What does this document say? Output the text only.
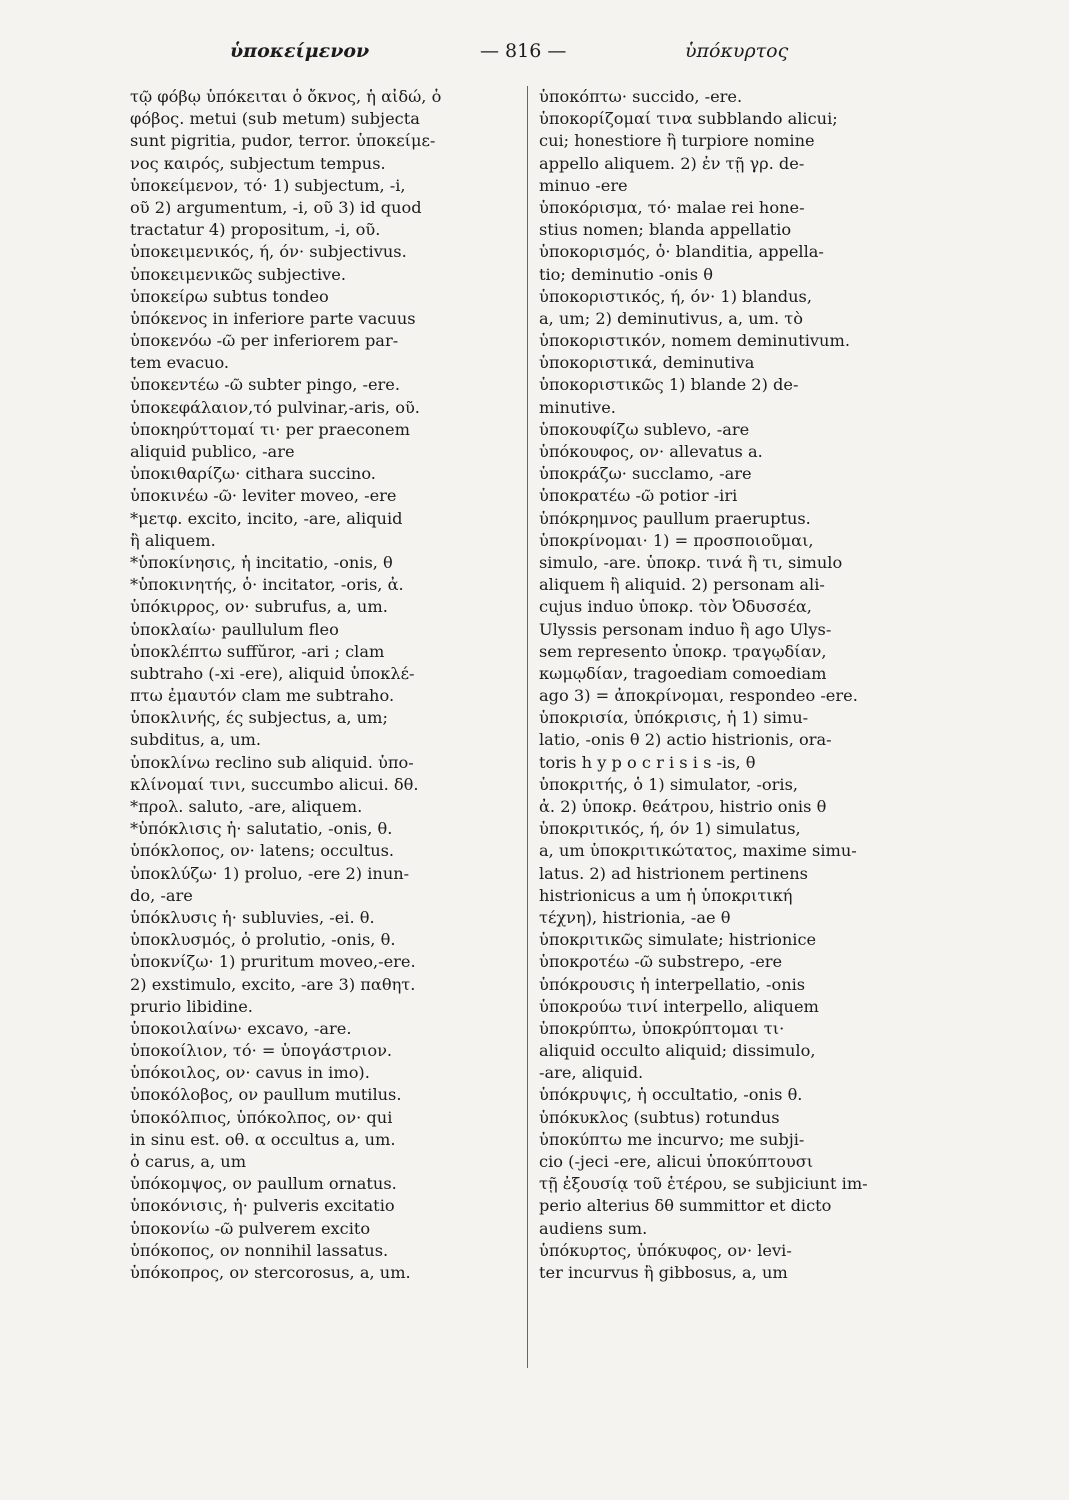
ὑποκείμενον	— 816 —	ὑπόκυρτος
τῷ φόβῳ ὑπόκειται ὁ ὄκνος, ἡ αἰδώ, ὁ
φόβος. metui (sub metum) subjecta
sunt pigritia, pudor, terror. ὑποκείμε-
νος καιρός, subjectum tempus.
ὑποκείμενον, τό· 1) subjectum, -i,
οῦ 2) argumentum, -i, οῦ 3) id quod
tractatur 4) propositum, -i, οῦ.
ὑποκειμενικός, ή, όν· subjectivus.
ὑποκειμενικῶς subjective.
ὑποκείρω subtus tondeo
ὑπόκενος in inferiore parte vacuus
ὑποκενόω -ῶ per inferiorem par-
tem evacuo.
ὑποκεντέω -ῶ subter pingo, -ere.
ὑποκεφάλαιον,τό pulvinar,-aris, οῦ.
ὑποκηρύττομαί τι· per praeconem
aliquid publico, -are
ὑποκιθαρίζω· cithara succino.
ὑποκινέω -ῶ· leviter moveo, -ere
*μετφ. excito, incito, -are, aliquid
ἢ aliquem.
*ὑποκίνησις, ἡ incitatio, -onis, θ
*ὑποκινητής, ὁ· incitator, -oris, ἀ.
ὑπόκιρρος, ον· subrufus, a, um.
ὑποκλαίω· paullulum fleo
ὑποκλέπτω suffŭror, -ari ; clam
subtraho (-xi -ere), aliquid ὑποκλέ-
πτω ἐμαυτόν clam me subtraho.
ὑποκλινής, ές subjectus, a, um;
subditus, a, um.
ὑποκλίνω reclino sub aliquid. ὑπο-
κλίνομαί τινι, succumbo alicui. δθ.
*προλ. saluto, -are, aliquem.
*ὑπόκλισις ἡ· salutatio, -onis, θ.
ὑπόκλοπος, ον· latens; occultus.
ὑποκλύζω· 1) proluo, -ere 2) inun-
do, -are
ὑπόκλυσις ἡ· subluvies, -ei. θ.
ὑποκλυσμός, ὁ prolutio, -onis, θ.
ὑποκνίζω· 1) pruritum moveo,-ere.
2) exstimulo, excito, -are 3) παθητ.
prurio libidine.
ὑποκοιλαίνω· excavo, -are.
ὑποκοίλιον, τό· = ὑπογάστριον.
ὑπόκοιλος, ον· cavus in imo).
ὑποκόλοβος, ον paullum mutilus.
ὑποκόλπιος, ὑπόκολπος, ον· qui
in sinu est. οθ. α occultus a, um.
ὁ carus, a, um
ὑπόκομψος, ον paullum ornatus.
ὑποκόνισις, ἡ· pulveris excitatio
ὑποκονίω -ῶ pulverem excito
ὑπόκοπος, ον nonnihil lassatus.
ὑπόκοπρος, ον stercorosus, a, um.
ὑποκόπτω· succido, -ere.
ὑποκορίζομαί τινα subblando alicui;
cui; honestiore ἢ turpiore nomine
appello aliquem. 2) ἐν τῇ γρ. de-
minuo -ere
ὑποκόρισμα, τό· malae rei hone-
stius nomen; blanda appellatio
ὑποκορισμός, ὁ· blanditia, appella-
tio; deminutio -onis θ
ὑποκοριστικός, ή, όν· 1) blandus,
a, um; 2) deminutivus, a, um. τὸ
ὑποκοριστικόν, nomem deminutivum.
ὑποκοριστικά, deminutiva
ὑποκοριστικῶς 1) blande 2) de-
minutive.
ὑποκουφίζω sublevo, -are
ὑπόκουφος, ον· allevatus a.
ὑποκράζω· succlamo, -are
ὑποκρατέω -ῶ potior -iri
ὑπόκρημνος paullum praeruptus.
ὑποκρίνομαι· 1) = προσποιοῦμαι,
simulo, -are. ὑποκρ. τινά ἢ τι, simulo
aliquem ἢ aliquid. 2) personam ali-
cujus induo ὑποκρ. τὸν Ὀδυσσέα,
Ulyssis personam induo ἢ ago Ulys-
sem represento ὑποκρ. τραγῳδίαν,
κωμῳδίαν, tragoediam comoediam
ago 3) = ἀποκρίνομαι, respondeo -ere.
ὑποκρισία, ὑπόκρισις, ἡ 1) simu-
latio, -onis θ 2) actio histrionis, ora-
toris h y p o c r i s i s -is, θ
ὑποκριτής, ὁ 1) simulator, -oris,
ἀ. 2) ὑποκρ. θεάτρου, histrio onis θ
ὑποκριτικός, ή, όν 1) simulatus,
a, um ὑποκριτικώτατος, maxime simu-
latus. 2) ad histrionem pertinens
histrionicus a um ἡ ὑποκριτική
τέχνη), histrionia, -ae θ
ὑποκριτικῶς simulate; histrionice
ὑποκροτέω -ῶ substrepo, -ere
ὑπόκρουσις ἡ interpellatio, -onis
ὑποκρούω τινί interpello, aliquem
ὑποκρύπτω, ὑποκρύπτομαι τι·
aliquid occulto aliquid; dissimulo,
-are, aliquid.
ὑπόκρυψις, ἡ occultatio, -onis θ.
ὑπόκυκλος (subtus) rotundus
ὑποκύπτω me incurvo; me subji-
cio (-jeci -ere, alicui ὑποκύπτουσι
τῇ ἐξουσίᾳ τοῦ ἑτέρου, se subjiciunt im-
perio alterius δθ summittor et dicto
audiens sum.
ὑπόκυρτος, ὑπόκυφος, ον· levi-
ter incurvus ἢ gibbosus, a, um
